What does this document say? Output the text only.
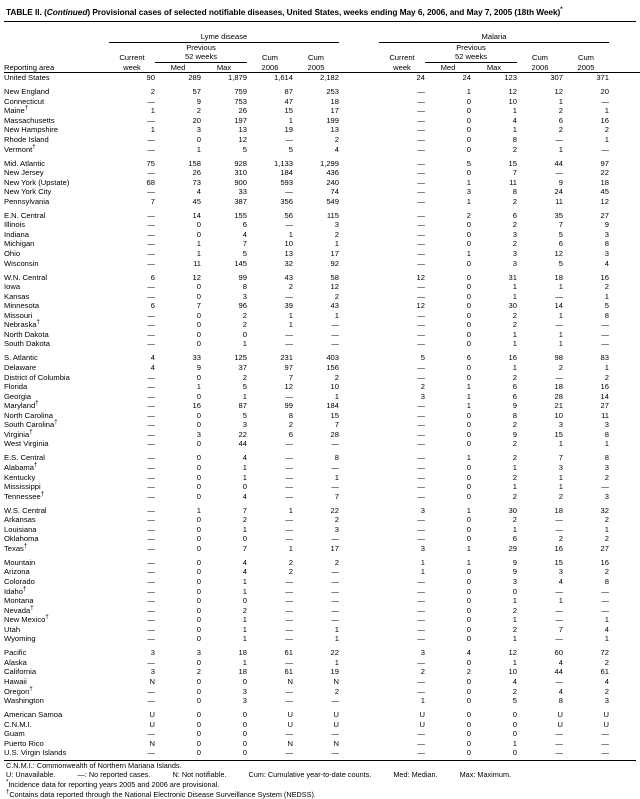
TABLE II. (Continued) Provisional cases of selected notifiable diseases, United States, weeks ending May 6, 2006, and May 7, 2005 (18th Week)*

	Lyme disease						Malaria					
		Previous						Previous				
	Current	52 weeks		Cum	Cum		Current	52 weeks		Cum	Cum	
Reporting area	week	Med	Max	2006	2005		week	Med	Max	2006	2005	
United States	90	289	1,879	1,614	2,182		24	24	123	307	371	

New England	2	57	759	87	253		—	1	12	12	20	
Connecticut	—	9	753	47	18		—	0	10	1	—	
Maine†	1	2	26	15	17		—	0	1	2	1	
Massachusetts	—	20	197	1	199		—	0	4	6	16	
New Hampshire	1	3	13	19	13		—	0	1	2	2	
Rhode Island	—	0	12	—	2		—	0	8	—	1	
Vermont†	—	1	5	5	4		—	0	2	1	—	

Mid. Atlantic	75	158	928	1,133	1,299		—	5	15	44	97	
New Jersey	—	26	310	184	436		—	0	7	—	22	
New York (Upstate)	68	73	900	593	240		—	1	11	9	18	
New York City	—	4	33	—	74		—	3	8	24	45	
Pennsylvania	7	45	387	356	549		—	1	2	11	12	

E.N. Central	—	14	155	56	115		—	2	6	35	27	
Illinois	—	0	6	—	3		—	0	2	7	9	
Indiana	—	0	4	1	2		—	0	3	5	3	
Michigan	—	1	7	10	1		—	0	2	6	8	
Ohio	—	1	5	13	17		—	1	3	12	3	
Wisconsin	—	11	145	32	92		—	0	3	5	4	

W.N. Central	6	12	99	43	58		12	0	31	18	16	
Iowa	—	0	8	2	12		—	0	1	1	2	
Kansas	—	0	3	—	2		—	0	1	—	1	
Minnesota	6	7	96	39	43		12	0	30	14	5	
Missouri	—	0	2	1	1		—	0	2	1	8	
Nebraska†	—	0	2	1	—		—	0	2	—	—	
North Dakota	—	0	0	—	—		—	0	1	1	—	
South Dakota	—	0	1	—	—		—	0	1	1	—	

S. Atlantic	4	33	125	231	403		5	6	16	98	83	
Delaware	4	9	37	97	156		—	0	1	2	1	
District of Columbia	—	0	2	7	2		—	0	2	—	2	
Florida	—	1	5	12	10		2	1	6	18	16	
Georgia	—	0	1	—	1		3	1	6	28	14	
Maryland†	—	16	87	99	184		—	1	9	21	27	
North Carolina	—	0	5	8	15		—	0	8	10	11	
South Carolina†	—	0	3	2	7		—	0	2	3	3	
Virginia†	—	3	22	6	28		—	0	9	15	8	
West Virginia	—	0	44	—	—		—	0	2	1	1	

E.S. Central	—	0	4	—	8		—	1	2	7	8	
Alabama†	—	0	1	—	—		—	0	1	3	3	
Kentucky	—	0	1	—	1		—	0	2	1	2	
Mississippi	—	0	0	—	—		—	0	1	1	—	
Tennessee†	—	0	4	—	7		—	0	2	2	3	

W.S. Central	—	1	7	1	22		3	1	30	18	32	
Arkansas	—	0	2	—	2		—	0	2	—	2	
Louisiana	—	0	1	—	3		—	0	1	—	1	
Oklahoma	—	0	0	—	—		—	0	6	2	2	
Texas†	—	0	7	1	17		3	1	29	16	27	

Mountain	—	0	4	2	2		1	1	9	15	16	
Arizona	—	0	4	2	—		1	0	9	3	2	
Colorado	—	0	1	—	—		—	0	3	4	8	
Idaho†	—	0	1	—	—		—	0	0	—	—	
Montana	—	0	0	—	—		—	0	1	1	—	
Nevada†	—	0	2	—	—		—	0	2	—	—	
New Mexico†	—	0	1	—	—		—	0	1	—	1	
Utah	—	0	1	—	1		—	0	2	7	4	
Wyoming	—	0	1	—	1		—	0	1	—	1	

Pacific	3	3	18	61	22		3	4	12	60	72	
Alaska	—	0	1	—	1		—	0	1	4	2	
California	3	2	18	61	19		2	2	10	44	61	
Hawaii	N	0	0	N	N		—	0	4	—	4	
Oregon†	—	0	3	—	2		—	0	2	4	2	
Washington	—	0	3	—	—		1	0	5	8	3	

American Samoa	U	0	0	U	U		U	0	0	U	U	
C.N.M.I.	U	0	0	U	U		U	0	0	U	U	
Guam	—	0	0	—	—		—	0	0	—	—	
Puerto Rico	N	0	0	N	N		—	0	1	—	—	
U.S. Virgin Islands	—	0	0	—	—		—	0	0	—	—	
C.N.M.I.: Commonwealth of Northern Mariana Islands.
U: Unavailable.	—: No reported cases.	N: Not notifiable.	Cum: Cumulative year-to-date counts.	Med: Median.	Max: Maximum.
*Incidence data for reporting years 2005 and 2006 are provisional.
†Contains data reported through the National Electronic Disease Surveillance System (NEDSS).
